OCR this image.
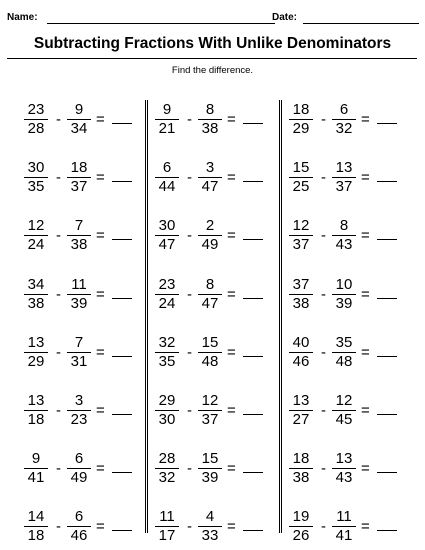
Name:	Date:
Subtracting Fractions With Unlike Denominators
Find the difference.
$\frac{23}{28} - \frac{9}{34}$ =
$\frac{30}{35} - \frac{18}{37}$ =
$\frac{12}{24} - \frac{7}{38}$ =
$\frac{34}{38} - \frac{11}{39}$ =
$\frac{13}{29} - \frac{7}{31}$ =
$\frac{13}{18} - \frac{3}{23}$ =
$\frac{9}{41} - \frac{6}{49}$ =
$\frac{14}{18} - \frac{6}{46}$ =
$\frac{9}{21} - \frac{8}{38}$ =
$\frac{6}{44} - \frac{3}{47}$ =
$\frac{30}{47} - \frac{2}{49}$ =
$\frac{23}{24} - \frac{8}{47}$ =
$\frac{32}{35} - \frac{15}{48}$ =
$\frac{29}{30} - \frac{12}{37}$ =
$\frac{28}{32} - \frac{15}{39}$ =
$\frac{11}{17} - \frac{4}{33}$ =
$\frac{18}{29} - \frac{6}{32}$ =
$\frac{15}{25} - \frac{13}{37}$ =
$\frac{12}{37} - \frac{8}{43}$ =
$\frac{37}{38} - \frac{10}{39}$ =
$\frac{40}{46} - \frac{35}{48}$ =
$\frac{13}{27} - \frac{12}{45}$ =
$\frac{18}{38} - \frac{13}{43}$ =
$\frac{19}{26} - \frac{11}{41}$ =
